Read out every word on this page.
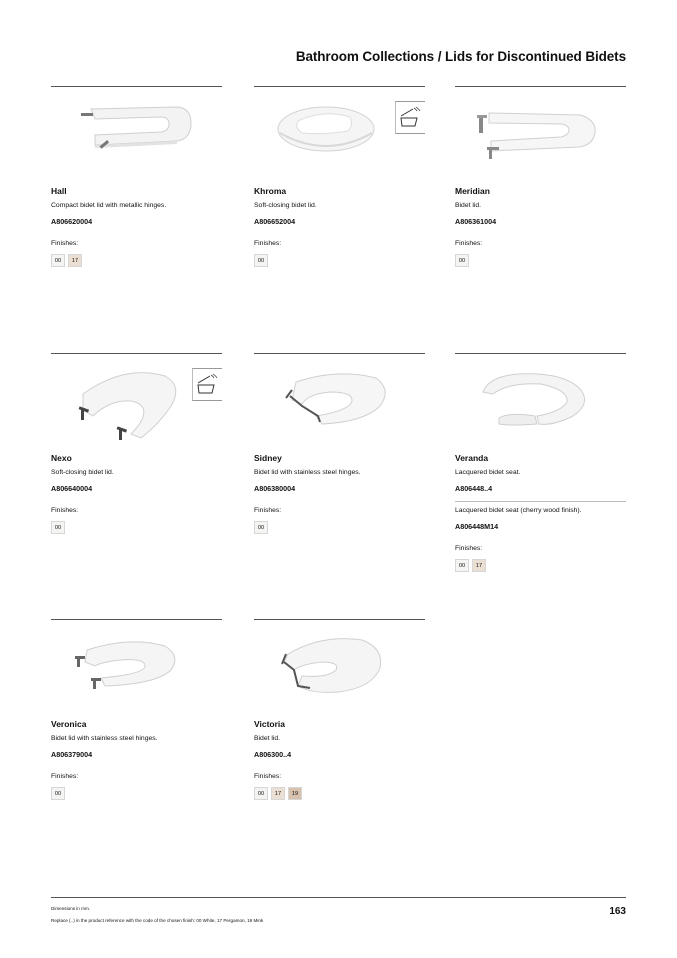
Bathroom Collections / Lids for Discontinued Bidets
Hall
Compact bidet lid with metallic hinges.
A806620004
Finishes:
00	17
Khroma
Soft-closing bidet lid.
A806652004
Finishes:
00
Meridian
Bidet lid.
A806361004
Finishes:
00
Nexo
Soft-closing bidet lid.
A806640004
Finishes:
00
Sidney
Bidet lid with stainless steel hinges.
A806380004
Finishes:
00
Veranda
Lacquered bidet seat.
A806448..4
Lacquered bidet seat (cherry wood finish).
A806448M14
Finishes:
00	17
Veronica
Bidet lid with stainless steel hinges.
A806379004
Finishes:
00
Victoria
Bidet lid.
A806300..4
Finishes:
00	17	19
Dimensions in mm.
Replace (..) in the product reference with the code of the chosen finish: 00 White, 17 Pergamon, 19 Mink
163
